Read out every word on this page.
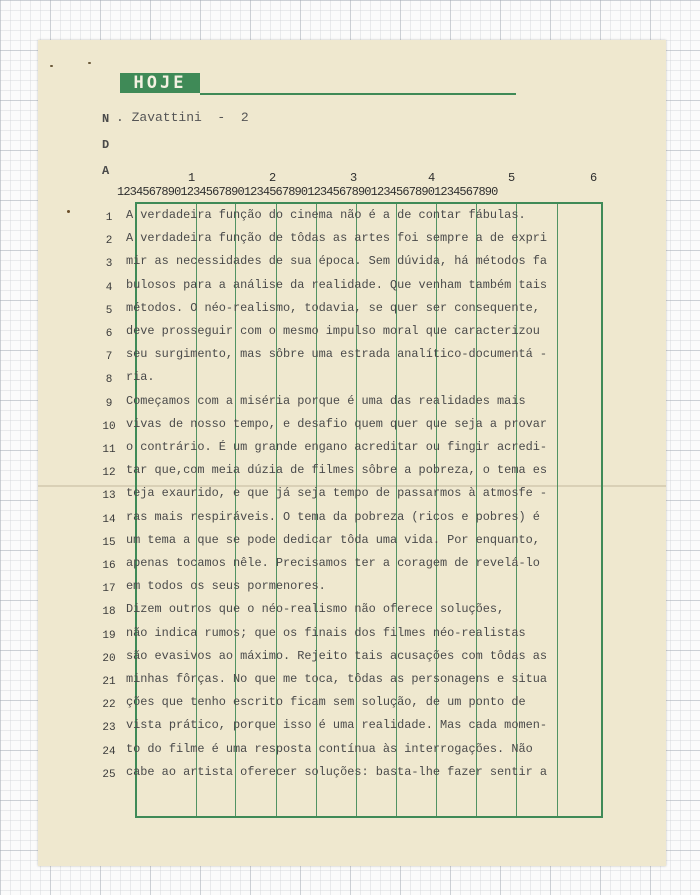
HOJE
N
D
A
. Zavattini  -  2
1	2	3	4	5	6
123456789012345678901234567890123456789012345678901234567890
1
2
3
4
5
6
7
8
9
10
11
12
13
14
15
16
17
18
19
20
21
22
23
24
25
A verdadeira função do cinema não é a de contar fábulas.
A verdadeira função de tôdas as artes foi sempre a de expri
mir as necessidades de sua época. Sem dúvida, há métodos fa
bulosos para a análise da realidade. Que venham também tais
métodos. O néo-realismo, todavia, se quer ser consequente,
deve prosseguir com o mesmo impulso moral que caracterizou
seu surgimento, mas sôbre uma estrada analítico-documentá -
ria.
Começamos com a miséria porque é uma das realidades mais
vivas de nosso tempo, e desafio quem quer que seja a provar
o contrário. É um grande engano acreditar ou fingir acredi-
tar que,com meia dúzia de filmes sôbre a pobreza, o tema es
teja exaurido, e que já seja tempo de passarmos à atmosfe -
ras mais respiráveis. O tema da pobreza (ricos e pobres) é
um tema a que se pode dedicar tôda uma vida. Por enquanto,
apenas tocamos nêle. Precisamos ter a coragem de revelá-lo
em todos os seus pormenores.
Dizem outros que o néo-realismo não oferece soluções,
não indica rumos; que os finais dos filmes néo-realistas
são evasivos ao máximo. Rejeito tais acusações com tôdas as
minhas fôrças. No que me toca, tôdas as personagens e situa
ções que tenho escrito ficam sem solução, de um ponto de
vista prático, porque isso é uma realidade. Mas cada momen-
to do filme é uma resposta contínua às interrogações. Não
cabe ao artista oferecer soluções: basta-lhe fazer sentir a
